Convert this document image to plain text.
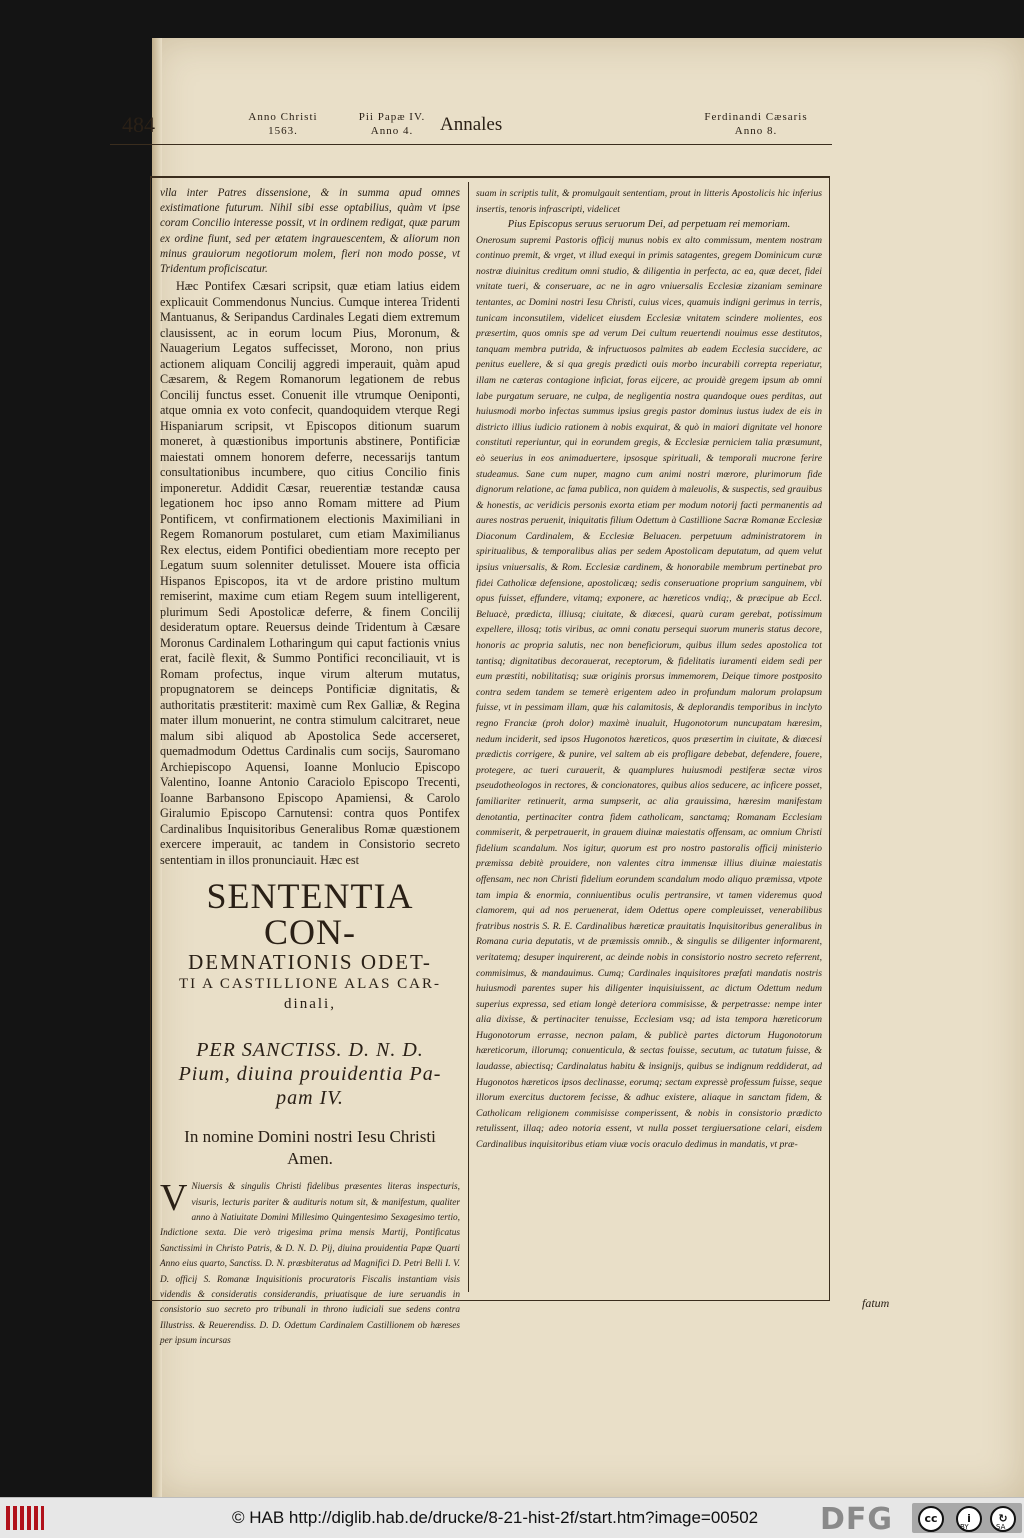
484	Anno Christi
1563.
Pii Papæ IV.
Anno 4.	Annales	Ferdinandi Cæsaris
Anno 8.

vlla inter Patres dissensione, & in summa apud omnes existimatione futurum. Nihil sibi esse optabilius, quàm vt ipse coram Concilio interesse possit, vt in ordinem redigat, quæ parum ex ordine fiunt, sed per ætatem ingrauescentem, & aliorum non minus grauiorum negotiorum molem, fieri non modo posse, vt Tridentum proficiscatur.

Hæc Pontifex Cæsari scripsit, quæ etiam latius eidem explicauit Commendonus Nuncius. Cumque interea Tridenti Mantuanus, & Seripandus Cardinales Legati diem extremum clausissent, ac in eorum locum Pius, Moronum, & Nauagerium Legatos suffecisset, Morono, non prius actionem aliquam Concilij aggredi imperauit, quàm apud Cæsarem, & Regem Romanorum legationem de rebus Concilij functus esset. Conuenit ille vtrumque Oeniponti, atque omnia ex voto confecit, quandoquidem vterque Regi Hispaniarum scripsit, vt Episcopos ditionum suarum moneret, à quæstionibus importunis abstinere, Pontificiæ maiestati omnem honorem deferre, necessarijs tantum consultationibus incumbere, quo citius Concilio finis imponeretur. Addidit Cæsar, reuerentiæ testandæ causa legationem hoc ipso anno Romam mittere ad Pium Pontificem, vt confirmationem electionis Maximiliani in Regem Romanorum postularet, cum etiam Maximilianus Rex electus, eidem Pontifici obedientiam more recepto per Legatum suum solenniter detulisset. Mouere ista officia Hispanos Episcopos, ita vt de ardore pristino multum remiserint, maxime cum etiam Regem suum intelligerent, plurimum Sedi Apostolicæ deferre, & finem Concilij desideratum optare. Reuersus deinde Tridentum à Cæsare Moronus Cardinalem Lotharingum qui caput factionis vnius erat, facilè flexit, & Summo Pontifici reconciliauit, vt is Romam profectus, inque virum alterum mutatus, propugnatorem se deinceps Pontificiæ dignitatis, & authoritatis præstiterit: maximè cum Rex Galliæ, & Regina mater illum monuerint, ne contra stimulum calcitraret, neue malum sibi aliquod ab Apostolica Sede accerseret, quemadmodum Odettus Cardinalis cum socijs, Sauromano Archiepiscopo Aquensi, Ioanne Monlucio Episcopo Valentino, Ioanne Antonio Caraciolo Episcopo Trecenti, Ioanne Barbansono Episcopo Apamiensi, & Carolo Giralumio Episcopo Carnutensi: contra quos Pontifex Cardinalibus Inquisitoribus Generalibus Romæ quæstionem exercere imperauit, ac tandem in Consistorio secreto sententiam in illos pronunciauit. Hæc est

SENTENTIA CON-
DEMNATIONIS ODET-
TI A CASTILLIONE ALAS CAR-
dinali,
PER SANCTISS. D. N. D.
Pium, diuina prouidentia Pa-
pam IV.
In nomine Domini nostri Iesu Christi
Amen.
V Niuersis & singulis Christi fidelibus præsentes literas inspecturis, visuris, lecturis pariter & audituris notum sit, & manifestum, qualiter anno à Natiuitate Domini Millesimo Quingentesimo Sexagesimo tertio, Indictione sexta. Die verò trigesima prima mensis Martij, Pontificatus Sanctissimi in Christo Patris, & D. N. D. Pij, diuina prouidentia Papæ Quarti Anno eius quarto, Sanctiss. D. N. præsbiteratus ad Magnifici D. Petri Belli I. V. D. officij S. Romanæ Inquisitionis procuratoris Fiscalis instantiam visis videndis & consideratis considerandis, priuatisque de iure seruandis in consistorio suo secreto pro tribunali in throno iudiciali sue sedens contra Illustriss. & Reuerendiss. D. D. Odettum Cardinalem Castillionem ob hæreses per ipsum incursas

suam in scriptis tulit, & promulgauit sententiam, prout in litteris Apostolicis hic inferius insertis, tenoris infrascripti, videlicet

Pius Episcopus seruus seruorum Dei, ad perpetuam rei memoriam.

Onerosum supremi Pastoris officij munus nobis ex alto commissum, mentem nostram continuo premit, & vrget, vt illud exequi in primis satagentes, gregem Dominicum curæ nostræ diuinitus creditum omni studio, & diligentia in perfecta, ac ea, quæ decet, fidei vnitate tueri, & conseruare, ac ne in agro vniuersalis Ecclesiæ zizaniam seminare tentantes, ac Domini nostri Iesu Christi, cuius vices, quamuis indigni gerimus in terris, tunicam inconsutilem, videlicet eiusdem Ecclesiæ vnitatem scindere molientes, eos præsertim, quos omnis spe ad verum Dei cultum reuertendi nouimus esse destitutos, tanquam membra putrida, & infructuosos palmites ab eadem Ecclesia succidere, ac penitus euellere, & si qua gregis prædicti ouis morbo incurabili correpta reperiatur, illam ne cæteras contagione inficiat, foras eijcere, ac prouidè gregem ipsum ab omni labe purgatum seruare, ne culpa, de negligentia nostra quandoque oues perditas, aut huiusmodi morbo infectas summus ipsius gregis pastor dominus iustus iudex de eis in districto illius iudicio rationem à nobis exquirat, & quò in maiori dignitate vel honore constituti reperiuntur, qui in eorundem gregis, & Ecclesiæ perniciem talia præsumunt, eò seuerius in eos animaduertere, ipsosque spirituali, & temporali mucrone ferire studeamus. Sane cum nuper, magno cum animi nostri mœrore, plurimorum fide dignorum relatione, ac fama publica, non quidem à maleuolis, & suspectis, sed grauibus & honestis, ac veridicis personis exorta etiam per modum notorij facti permanentis ad aures nostras peruenit, iniquitatis filium Odettum à Castillione Sacræ Romanæ Ecclesiæ Diaconum Cardinalem, & Ecclesiæ Beluacen. perpetuum administratorem in spiritualibus, & temporalibus alias per sedem Apostolicam deputatum, ad quem velut ipsius vniuersalis, & Rom. Ecclesiæ cardinem, & honorabile membrum pertinebat pro fidei Catholicæ defensione, apostolicæq; sedis conseruatione proprium sanguinem, vbi opus fuisset, effundere, vitamq; exponere, ac hæreticos vndiq;, & præcipue ab Eccl. Beluacè, prædicta, illiusq; ciuitate, & diœcesi, quarù curam gerebat, potissimum expellere, illosq; totis viribus, ac omni conatu persequi suorum muneris status decore, honoris ac propria salutis, nec non beneficiorum, quibus illum sedes apostolica tot tantisq; dignitatibus decorauerat, receptorum, & fidelitatis iuramenti eidem sedi per eum præstiti, nobilitatisq; suæ originis prorsus immemorem, Deique timore postposito contra sedem tandem se temerè erigentem adeo in profundum malorum prolapsum fuisse, vt in pessimam illam, quæ his calamitosis, & deplorandis temporibus in inclyto regno Franciæ (proh dolor) maximè inualuit, Hugonotorum nuncupatam hæresim, nedum inciderit, sed ipsos Hugonotos hæreticos, quos præsertim in ciuitate, & diœcesi prædictis corrigere, & punire, vel saltem ab eis profligare debebat, defendere, fouere, protegere, ac tueri curauerit, & quamplures huiusmodi pestiferæ sectæ viros pseudotheologos in rectores, & concionatores, quibus alios seducere, ac inficere posset, familiariter retinuerit, arma sumpserit, ac alia grauissima, hæresim manifestam denotantia, pertinaciter contra fidem catholicam, sanctamq; Romanam Ecclesiam commiserit, & perpetrauerit, in grauem diuinæ maiestatis offensam, ac omnium Christi fidelium scandalum. Nos igitur, quorum est pro nostro pastoralis officij ministerio præmissa debitè prouidere, non valentes citra immensæ illius diuinæ maiestatis offensam, nec non Christi fidelium eorundem scandalum modo aliquo præmissa, vtpote tam impia & enormia, conniuentibus oculis pertransire, vt tamen videremus quod clamorem, qui ad nos peruenerat, idem Odettus opere compleuisset, venerabilibus fratribus nostris S. R. E. Cardinalibus hæreticæ prauitatis Inquisitoribus generalibus in Romana curia deputatis, vt de præmissis omnib., & singulis se diligenter informarent, veritatemq; desuper inquirerent, ac deinde nobis in consistorio nostro secreto referrent, commisimus, & mandauimus. Cumq; Cardinales inquisitores præfati mandatis nostris huiusmodi parentes super his diligenter inquisiuissent, ac dictum Odettum nedum superius expressa, sed etiam longè deteriora commisisse, & perpetrasse: nempe inter alia dixisse, & pertinaciter tenuisse, Ecclesiam vsq; ad ista tempora hæreticorum Hugonotorum errasse, necnon palam, & publicè partes dictorum Hugonotorum hæreticorum, illorumq; conuenticula, & sectas fouisse, secutum, ac tutatum fuisse, & laudasse, abiectisq; Cardinalatus habitu & insignijs, quibus se indignum reddiderat, ad Hugonotos hæreticos ipsos declinasse, eorumq; sectam expressè professum fuisse, seque illorum exercitus ductorem fecisse, & adhuc existere, aliaque in sanctam fidem, & Catholicam religionem commisisse comperissent, & nobis in consistorio prædicto retulissent, illaq; adeo notoria essent, vt nulla posset tergiuersatione celari, eisdem Cardinalibus inquisitoribus etiam viuæ vocis oraculo dedimus in mandatis, vt præ-

fatum
© HAB http://diglib.hab.de/drucke/8-21-hist-2f/start.htm?image=00502 DFG	cc	i	↻
BY	SA
